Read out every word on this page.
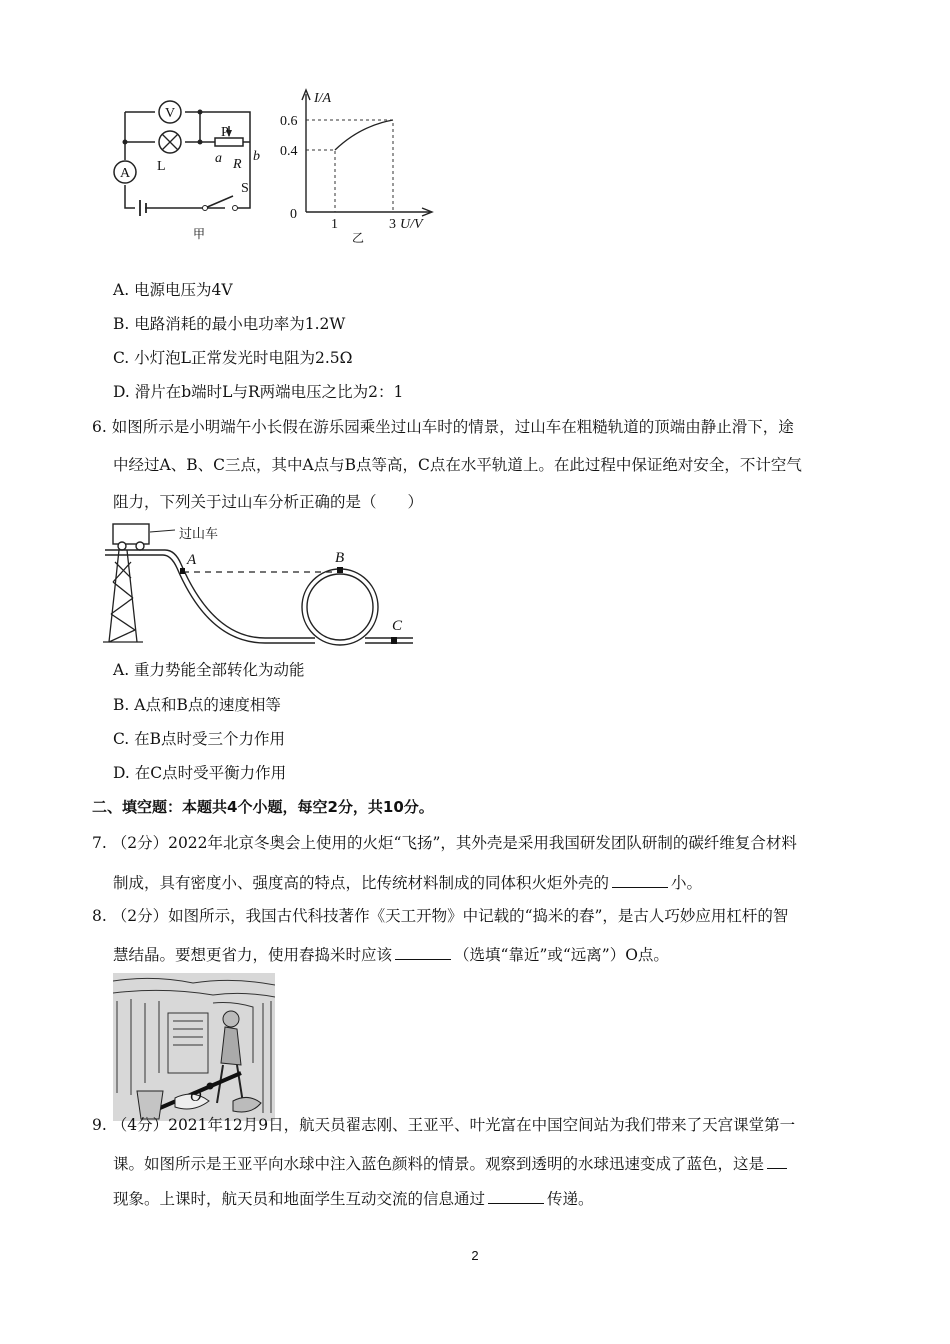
V
A L
P
R
a b
S
甲
I/A
0.6
0.4
0
1	3 U/V
乙
A. 电源电压为4V
B. 电路消耗的最小电功率为1.2W
C. 小灯泡L正常发光时电阻为2.5Ω
D. 滑片在b端时L与R两端电压之比为2：1
6. 如图所示是小明端午小长假在游乐园乘坐过山车时的情景，过山车在粗糙轨道的顶端由静止滑下，途
中经过A、B、C三点，其中A点与B点等高，C点在水平轨道上。在此过程中保证绝对安全，不计空气
阻力，下列关于过山车分析正确的是（　　）
A	B
C
过山车
A. 重力势能全部转化为动能
B. A点和B点的速度相等
C. 在B点时受三个力作用
D. 在C点时受平衡力作用
二、填空题：本题共4个小题，每空2分，共10分。
7. （2分）2022年北京冬奥会上使用的火炬“飞扬”，其外壳是采用我国研发团队研制的碳纤维复合材料
制成，具有密度小、强度高的特点，比传统材料制成的同体积火炬外壳的	小。
8. （2分）如图所示，我国古代科技著作《天工开物》中记载的“捣米的舂”，是古人巧妙应用杠杆的智
慧结晶。要想更省力，使用舂捣米时应该	（选填“靠近”或“远离”）O点。
O
9. （4分）2021年12月9日，航天员翟志刚、王亚平、叶光富在中国空间站为我们带来了天宫课堂第一
课。如图所示是王亚平向水球中注入蓝色颜料的情景。观察到透明的水球迅速变成了蓝色，这是
现象。上课时，航天员和地面学生互动交流的信息通过	传递。
2
